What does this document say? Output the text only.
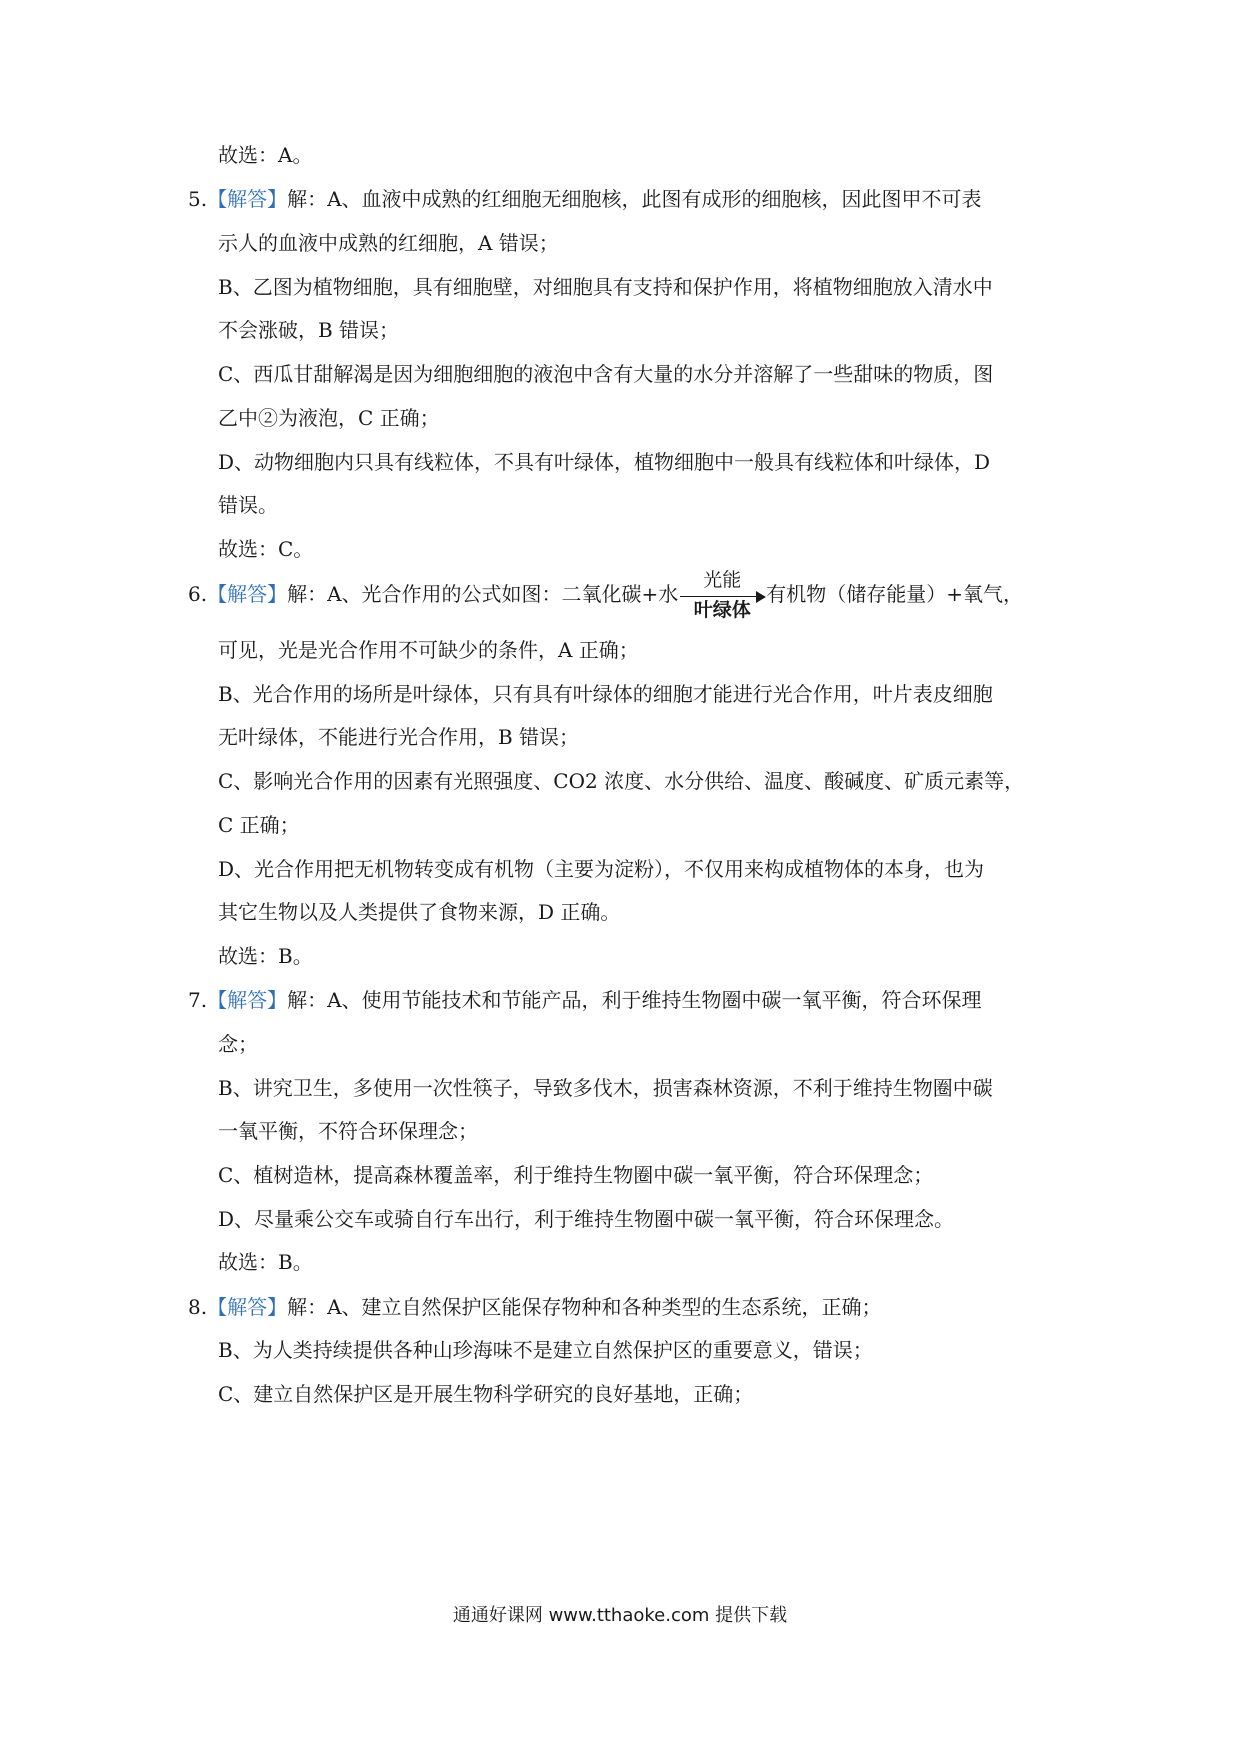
故选：A。
5.【解答】解：A、血液中成熟的红细胞无细胞核，此图有成形的细胞核，因此图甲不可表
示人的血液中成熟的红细胞，A 错误；
B、乙图为植物细胞，具有细胞壁，对细胞具有支持和保护作用，将植物细胞放入清水中
不会涨破，B 错误；
C、西瓜甘甜解渴是因为细胞细胞的液泡中含有大量的水分并溶解了一些甜味的物质，图
乙中②为液泡，C 正确；
D、动物细胞内只具有线粒体，不具有叶绿体，植物细胞中一般具有线粒体和叶绿体，D
错误。
故选：C。
6.【解答】解：A、光合作用的公式如图：二氧化碳+水
光能
叶绿体
有机物（储存能量）+氧气，
可见，光是光合作用不可缺少的条件，A 正确；
B、光合作用的场所是叶绿体，只有具有叶绿体的细胞才能进行光合作用，叶片表皮细胞
无叶绿体，不能进行光合作用，B 错误；
C、影响光合作用的因素有光照强度、CO2 浓度、水分供给、温度、酸碱度、矿质元素等，
C 正确；
D、光合作用把无机物转变成有机物（主要为淀粉），不仅用来构成植物体的本身，也为
其它生物以及人类提供了食物来源，D 正确。
故选：B。
7.【解答】解：A、使用节能技术和节能产品，利于维持生物圈中碳一氧平衡，符合环保理
念；
B、讲究卫生，多使用一次性筷子，导致多伐木，损害森林资源，不利于维持生物圈中碳
一氧平衡，不符合环保理念；
C、植树造林，提高森林覆盖率，利于维持生物圈中碳一氧平衡，符合环保理念；
D、尽量乘公交车或骑自行车出行，利于维持生物圈中碳一氧平衡，符合环保理念。
故选：B。
8.【解答】解：A、建立自然保护区能保存物种和各种类型的生态系统，正确；
B、为人类持续提供各种山珍海味不是建立自然保护区的重要意义，错误；
C、建立自然保护区是开展生物科学研究的良好基地，正确；
通通好课网 www.tthaoke.com 提供下载
